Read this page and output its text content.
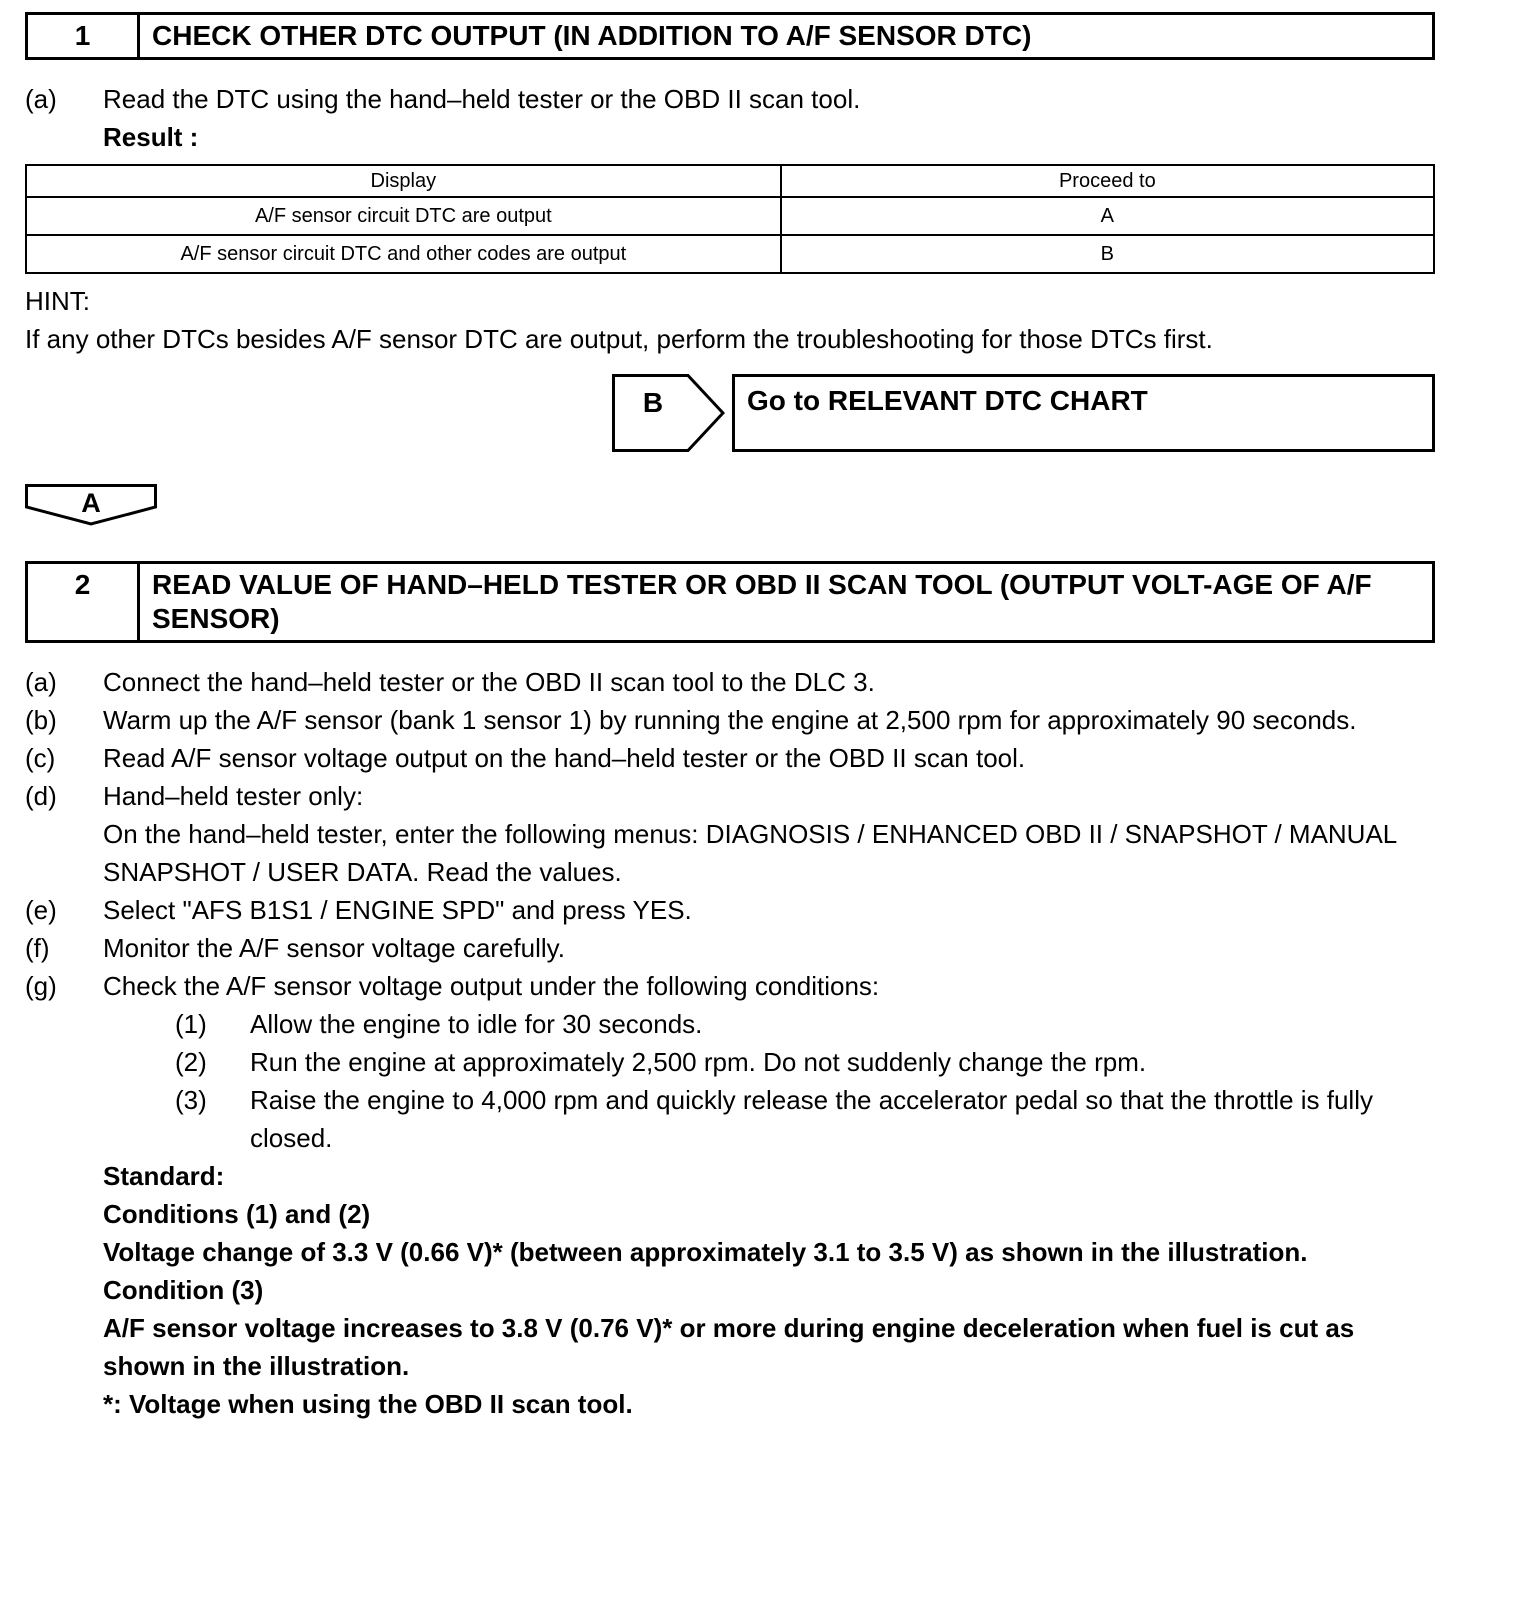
1	CHECK OTHER DTC OUTPUT (IN ADDITION TO A/F SENSOR DTC)
(a)	Read the DTC using the hand–held tester or the OBD II scan tool.
Result :
Display	Proceed to
A/F sensor circuit DTC are output	A
A/F sensor circuit DTC and other codes are output	B
HINT:
If any other DTCs besides A/F sensor DTC are output, perform the troubleshooting for those DTCs first.
B	Go to RELEVANT DTC CHART
A
2	READ VALUE OF HAND–HELD TESTER OR OBD II SCAN TOOL (OUTPUT VOLT-AGE OF A/F SENSOR)
(a)	Connect the hand–held tester or the OBD II scan tool to the DLC 3.
(b)	Warm up the A/F sensor (bank 1 sensor 1) by running the engine at 2,500 rpm for approximately 90 seconds.
(c)	Read A/F sensor voltage output on the hand–held tester or the OBD II scan tool.
(d)	Hand–held tester only:
On the hand–held tester, enter the following menus: DIAGNOSIS / ENHANCED OBD II / SNAPSHOT / MANUAL SNAPSHOT / USER DATA. Read the values.
(e)	Select "AFS B1S1 / ENGINE SPD" and press YES.
(f)	Monitor the A/F sensor voltage carefully.
(g)	Check the A/F sensor voltage output under the following conditions:
(1)	Allow the engine to idle for 30 seconds.
(2)	Run the engine at approximately 2,500 rpm. Do not suddenly change the rpm.
(3)	Raise the engine to 4,000 rpm and quickly release the accelerator pedal so that the throttle is fully closed.
Standard:
Conditions (1) and (2)
Voltage change of 3.3 V (0.66 V)* (between approximately 3.1 to 3.5 V) as shown in the illustration.
Condition (3)
A/F sensor voltage increases to 3.8 V (0.76 V)* or more during engine deceleration when fuel is cut as shown in the illustration.
*: Voltage when using the OBD II scan tool.
